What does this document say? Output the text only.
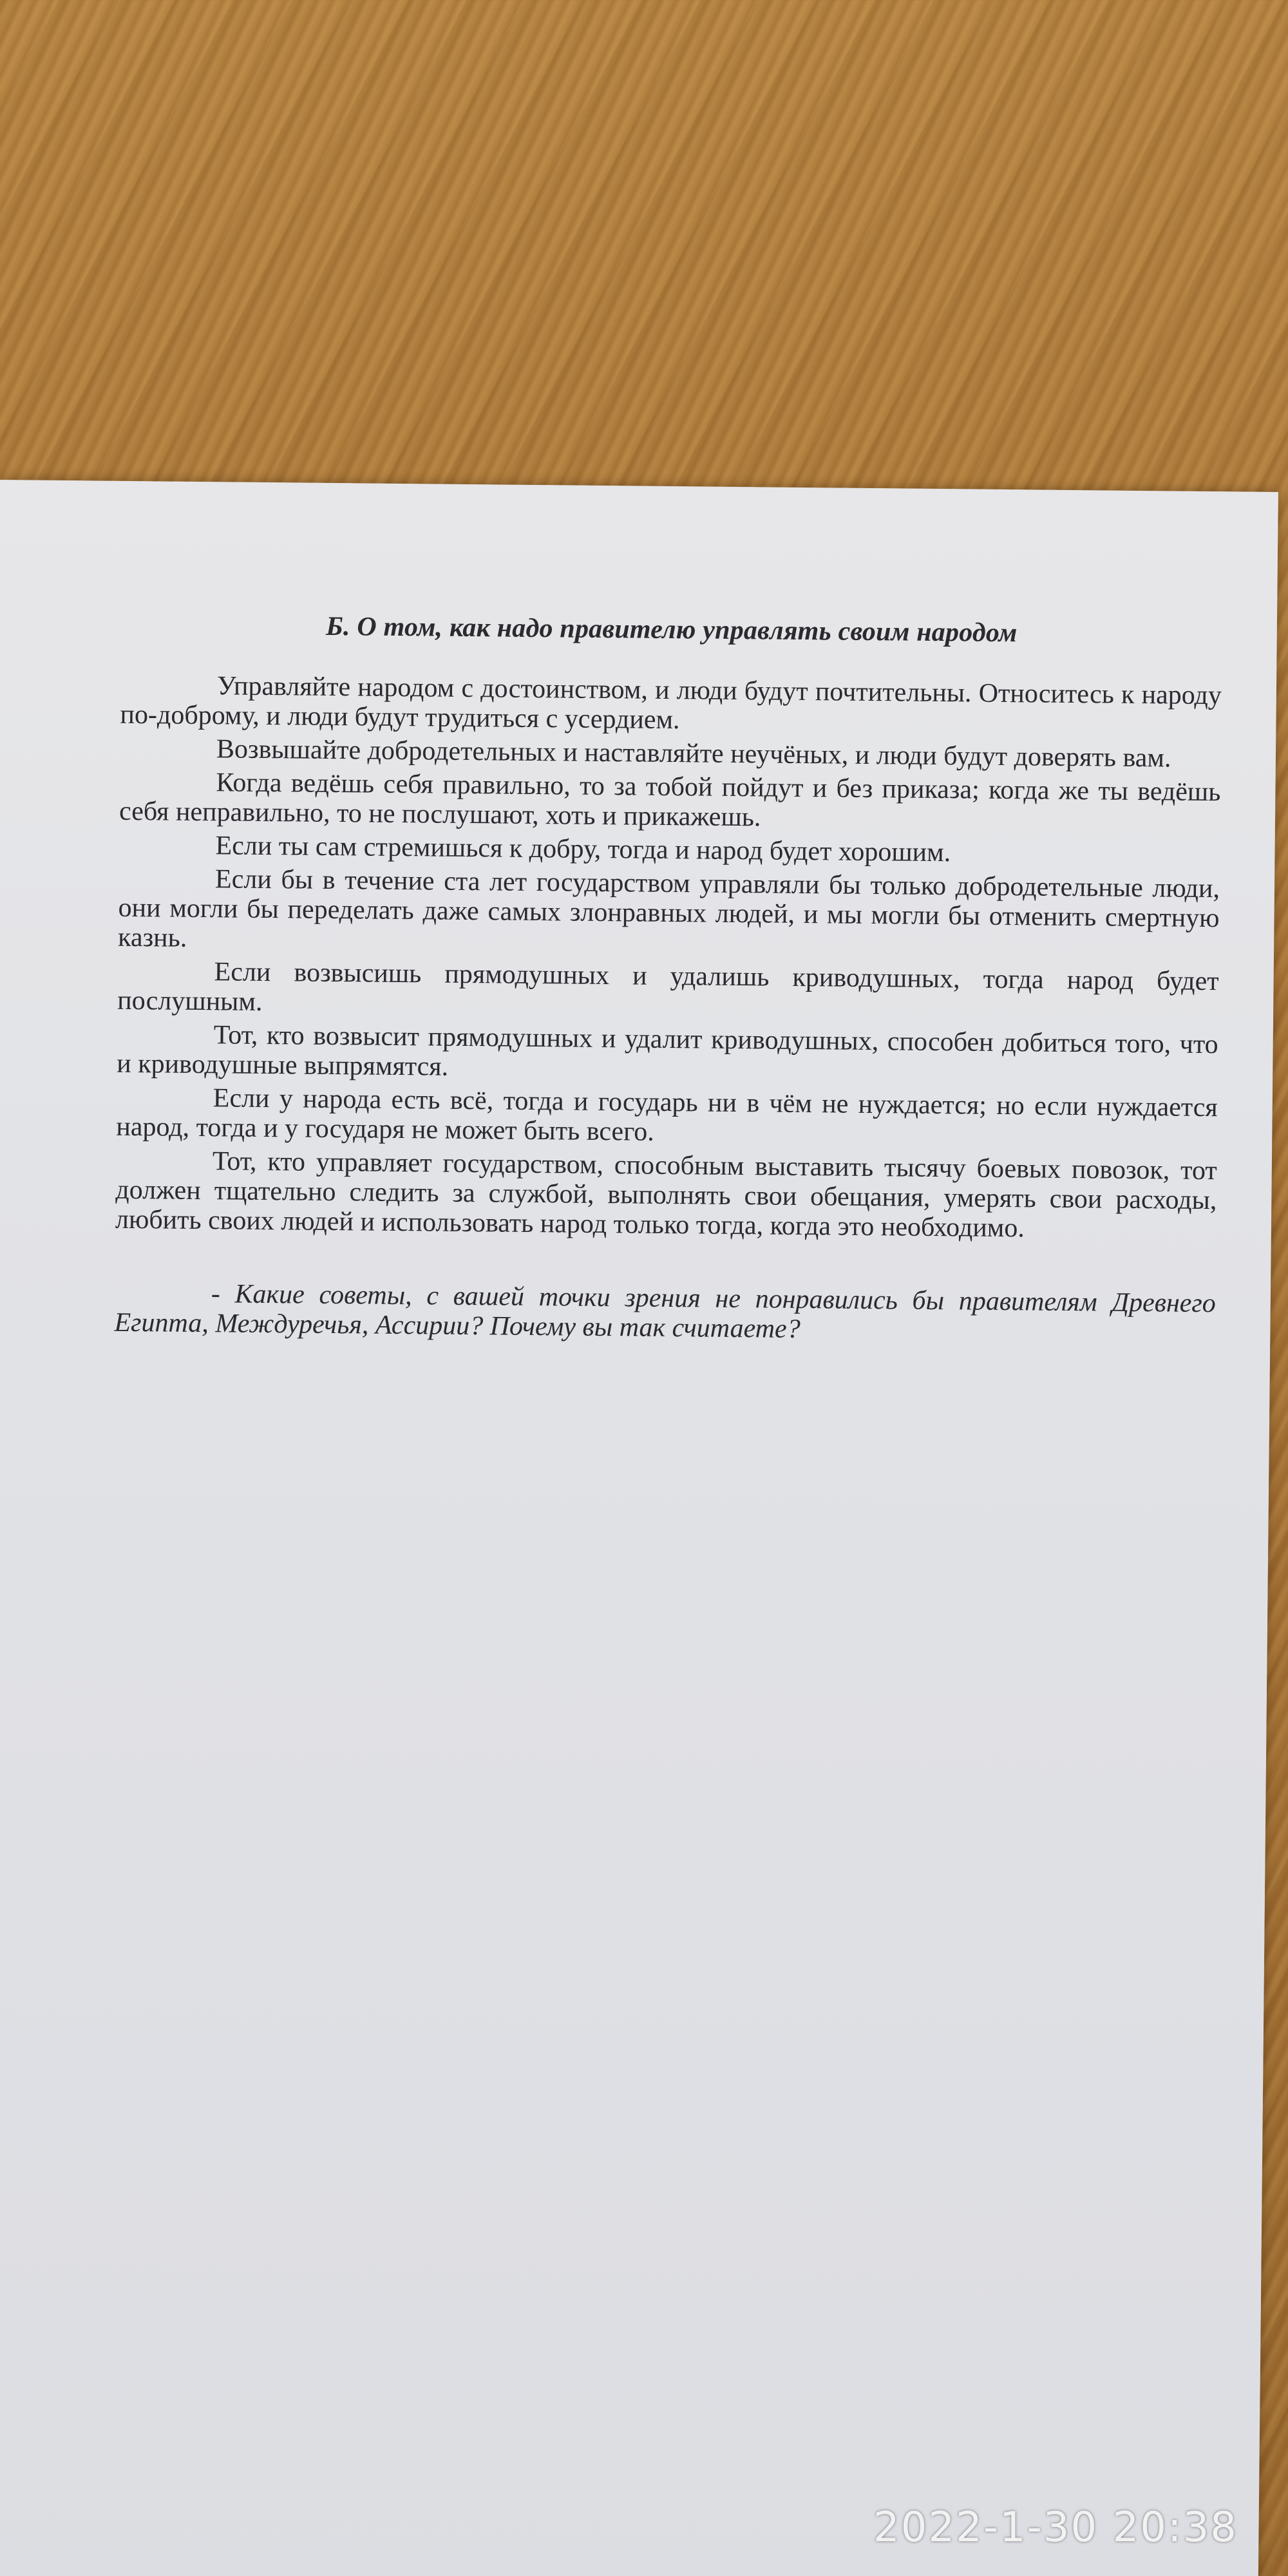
Б. О том, как надо правителю управлять своим народом

Управляйте народом с достоинством, и люди будут почтительны. Относитесь к народу по-доброму, и люди будут трудиться с усердием.

Возвышайте добродетельных и наставляйте неучёных, и люди будут доверять вам.

Когда ведёшь себя правильно, то за тобой пойдут и без приказа; когда же ты ведёшь себя неправильно, то не послушают, хоть и прикажешь.

Если ты сам стремишься к добру, тогда и народ будет хорошим.

Если бы в течение ста лет государством управляли бы только добродетельные люди, они могли бы переделать даже самых злонравных людей, и мы могли бы отменить смертную казнь.

Если возвысишь прямодушных и удалишь криводушных, тогда народ будет послушным.

Тот, кто возвысит прямодушных и удалит криводушных, способен добиться того, что и криводушные выпрямятся.

Если у народа есть всё, тогда и государь ни в чём не нуждается; но если нуждается народ, тогда и у государя не может быть всего.

Тот, кто управляет государством, способным выставить тысячу боевых повозок, тот должен тщательно следить за службой, выполнять свои обещания, умерять свои расходы, любить своих людей и использовать народ только тогда, когда это необходимо.

- Какие советы, с вашей точки зрения не понравились бы правителям Древнего Египта, Междуречья, Ассирии? Почему вы так считаете?

2022-1-30 20:38
